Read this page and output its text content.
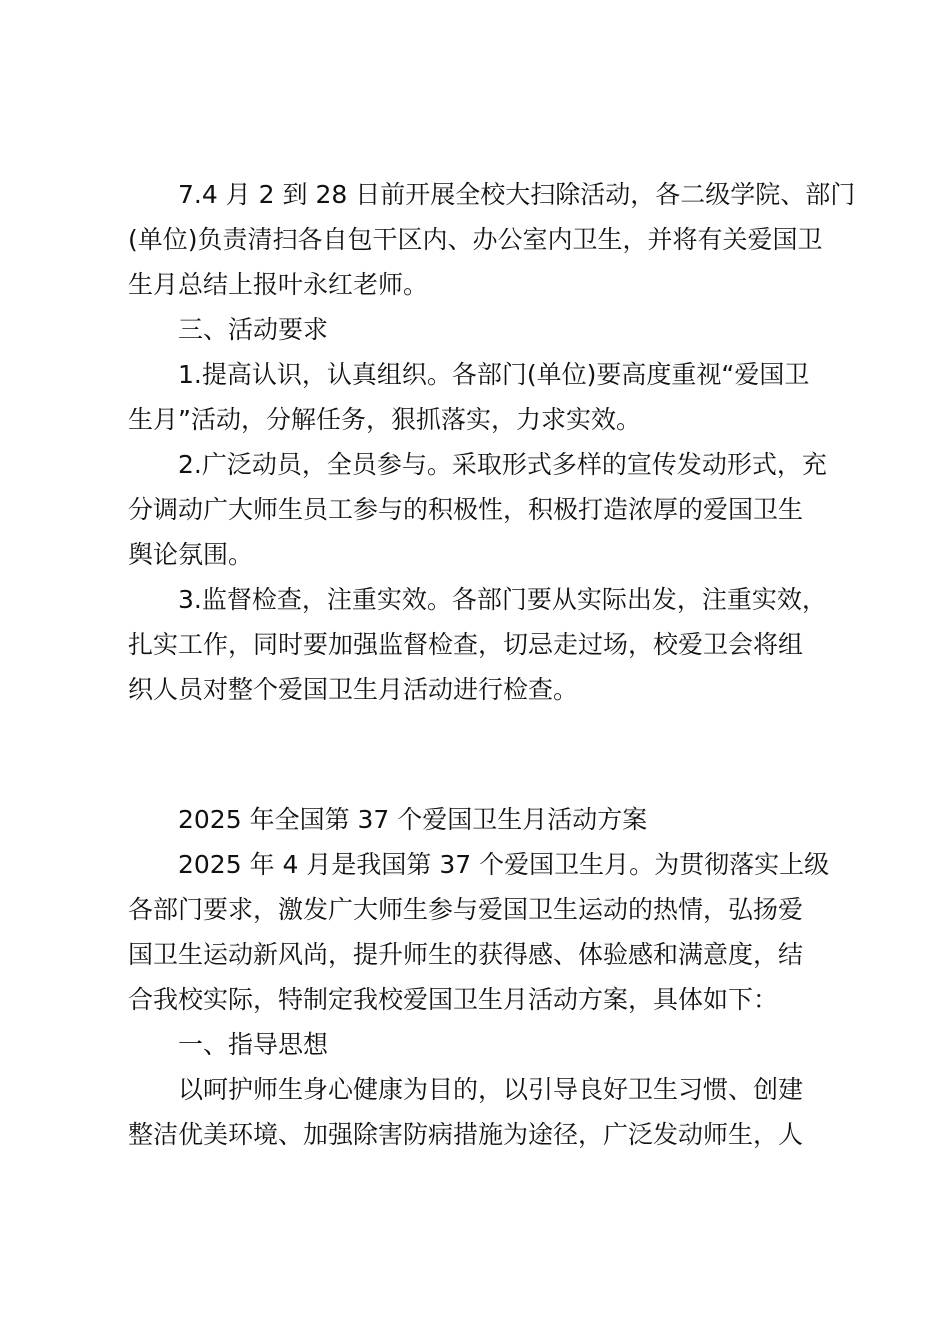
7.4 月 2 到 28 日前开展全校大扫除活动，各二级学院、部门
(单位)负责清扫各自包干区内、办公室内卫生，并将有关爱国卫
生月总结上报叶永红老师。
三、活动要求
1.提高认识，认真组织。各部门(单位)要高度重视“爱国卫
生月”活动，分解任务，狠抓落实，力求实效。
2.广泛动员，全员参与。采取形式多样的宣传发动形式，充
分调动广大师生员工参与的积极性，积极打造浓厚的爱国卫生
舆论氛围。
3.监督检查，注重实效。各部门要从实际出发，注重实效，
扎实工作，同时要加强监督检查，切忌走过场，校爱卫会将组
织人员对整个爱国卫生月活动进行检查。
2025 年全国第 37 个爱国卫生月活动方案
2025 年 4 月是我国第 37 个爱国卫生月。为贯彻落实上级
各部门要求，激发广大师生参与爱国卫生运动的热情，弘扬爱
国卫生运动新风尚，提升师生的获得感、体验感和满意度，结
合我校实际，特制定我校爱国卫生月活动方案，具体如下：
一、指导思想
以呵护师生身心健康为目的，以引导良好卫生习惯、创建
整洁优美环境、加强除害防病措施为途径，广泛发动师生，人
